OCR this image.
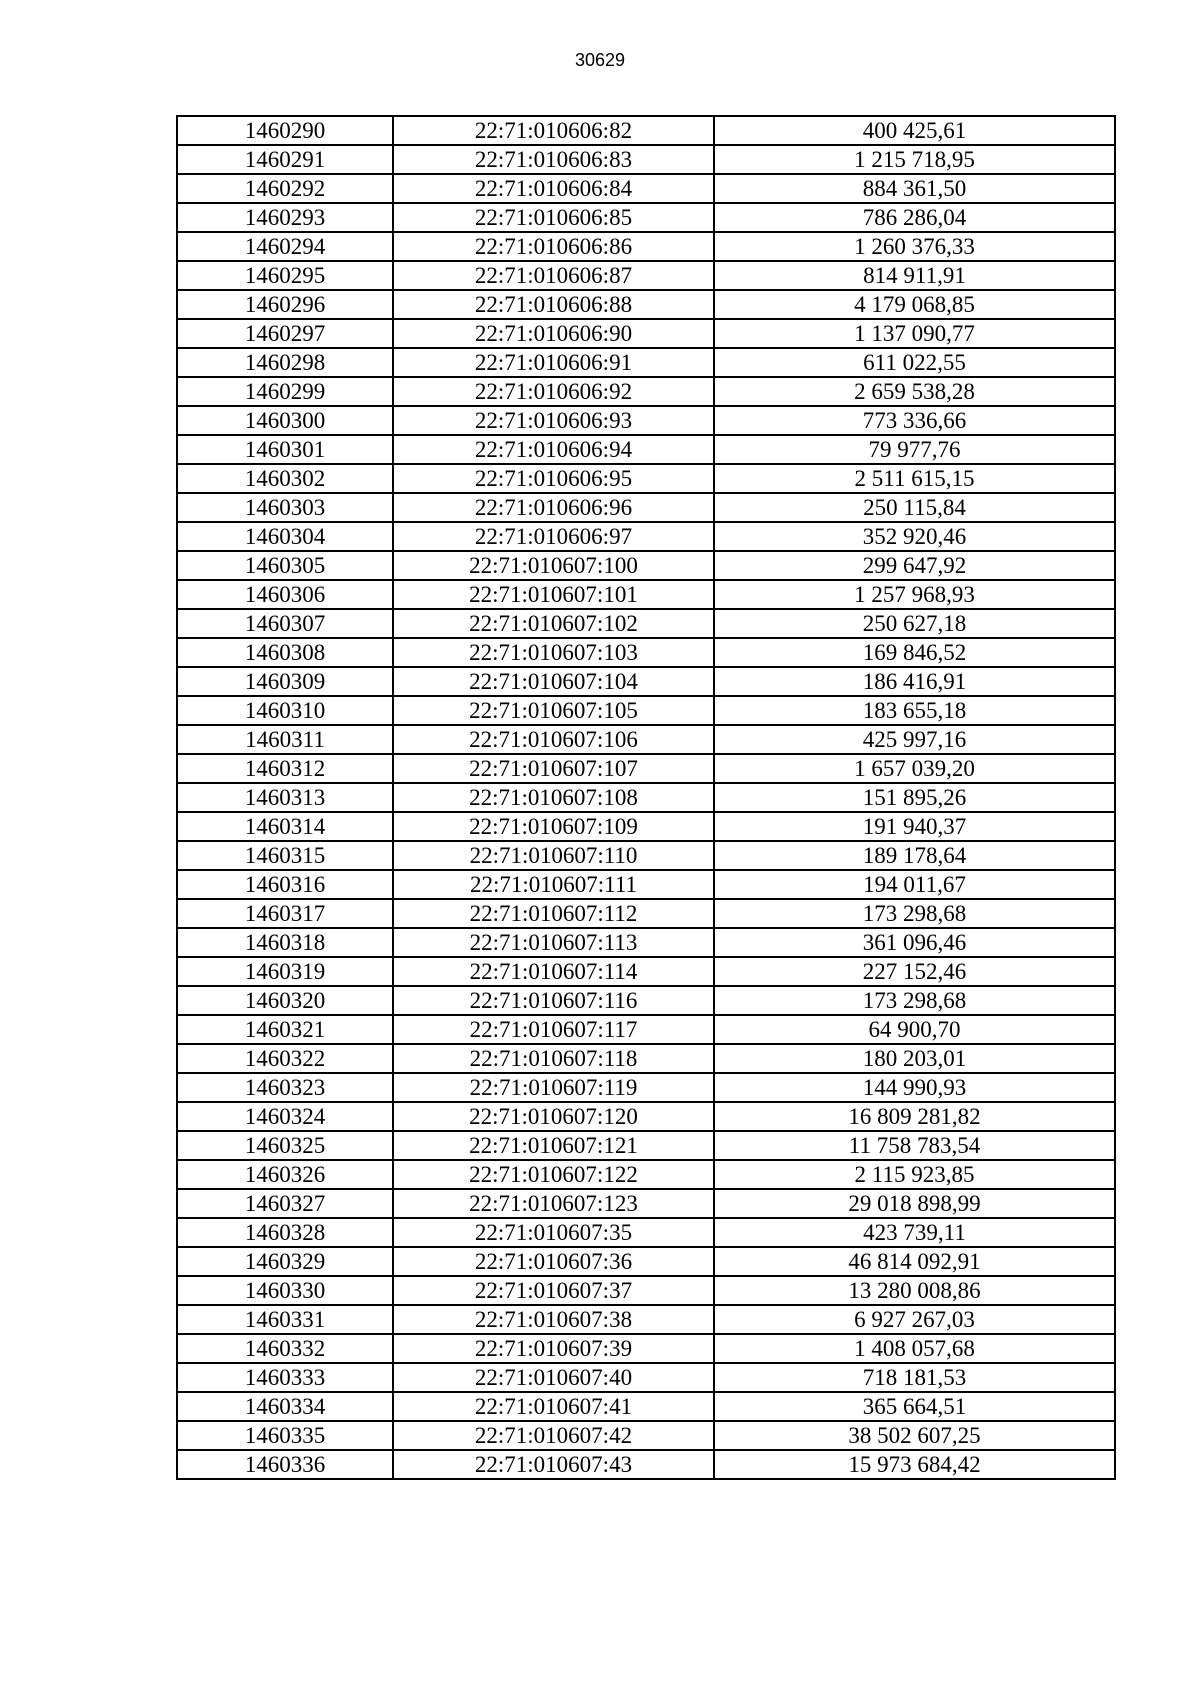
30629
1460290	22:71:010606:82	400 425,61
1460291	22:71:010606:83	1 215 718,95
1460292	22:71:010606:84	884 361,50
1460293	22:71:010606:85	786 286,04
1460294	22:71:010606:86	1 260 376,33
1460295	22:71:010606:87	814 911,91
1460296	22:71:010606:88	4 179 068,85
1460297	22:71:010606:90	1 137 090,77
1460298	22:71:010606:91	611 022,55
1460299	22:71:010606:92	2 659 538,28
1460300	22:71:010606:93	773 336,66
1460301	22:71:010606:94	79 977,76
1460302	22:71:010606:95	2 511 615,15
1460303	22:71:010606:96	250 115,84
1460304	22:71:010606:97	352 920,46
1460305	22:71:010607:100	299 647,92
1460306	22:71:010607:101	1 257 968,93
1460307	22:71:010607:102	250 627,18
1460308	22:71:010607:103	169 846,52
1460309	22:71:010607:104	186 416,91
1460310	22:71:010607:105	183 655,18
1460311	22:71:010607:106	425 997,16
1460312	22:71:010607:107	1 657 039,20
1460313	22:71:010607:108	151 895,26
1460314	22:71:010607:109	191 940,37
1460315	22:71:010607:110	189 178,64
1460316	22:71:010607:111	194 011,67
1460317	22:71:010607:112	173 298,68
1460318	22:71:010607:113	361 096,46
1460319	22:71:010607:114	227 152,46
1460320	22:71:010607:116	173 298,68
1460321	22:71:010607:117	64 900,70
1460322	22:71:010607:118	180 203,01
1460323	22:71:010607:119	144 990,93
1460324	22:71:010607:120	16 809 281,82
1460325	22:71:010607:121	11 758 783,54
1460326	22:71:010607:122	2 115 923,85
1460327	22:71:010607:123	29 018 898,99
1460328	22:71:010607:35	423 739,11
1460329	22:71:010607:36	46 814 092,91
1460330	22:71:010607:37	13 280 008,86
1460331	22:71:010607:38	6 927 267,03
1460332	22:71:010607:39	1 408 057,68
1460333	22:71:010607:40	718 181,53
1460334	22:71:010607:41	365 664,51
1460335	22:71:010607:42	38 502 607,25
1460336	22:71:010607:43	15 973 684,42
